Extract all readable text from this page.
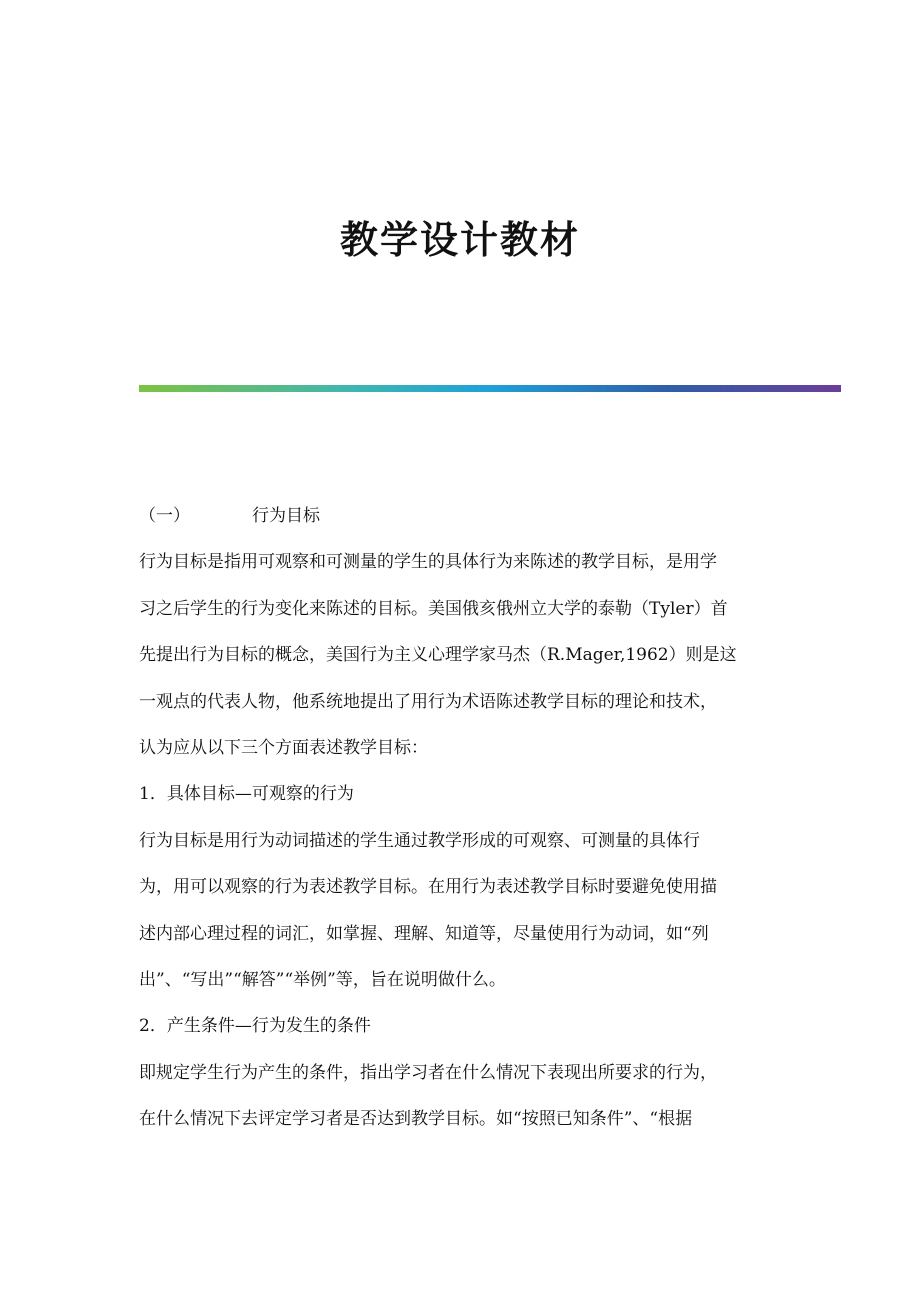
教学设计教材
（一）	行为目标
行为目标是指用可观察和可测量的学生的具体行为来陈述的教学目标，是用学
习之后学生的行为变化来陈述的目标。美国俄亥俄州立大学的泰勒（Tyler）首
先提出行为目标的概念，美国行为主义心理学家马杰（R.Mager,1962）则是这
一观点的代表人物，他系统地提出了用行为术语陈述教学目标的理论和技术，
认为应从以下三个方面表述教学目标：
1．具体目标—可观察的行为
行为目标是用行为动词描述的学生通过教学形成的可观察、可测量的具体行
为，用可以观察的行为表述教学目标。在用行为表述教学目标时要避免使用描
述内部心理过程的词汇，如掌握、理解、知道等，尽量使用行为动词，如“列
出”、“写出”“解答”“举例”等，旨在说明做什么。
2．产生条件—行为发生的条件
即规定学生行为产生的条件，指出学习者在什么情况下表现出所要求的行为，
在什么情况下去评定学习者是否达到教学目标。如“按照已知条件”、“根据
